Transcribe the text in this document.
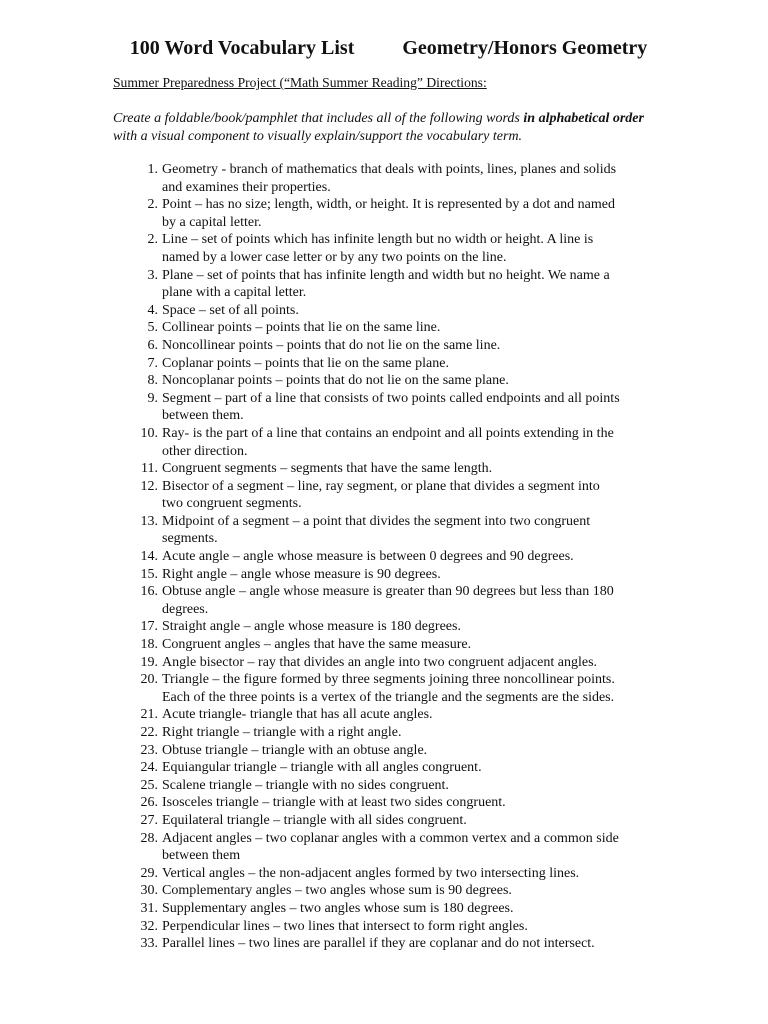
100 Word Vocabulary List Geometry/Honors Geometry
Summer Preparedness Project (“Math Summer Reading” Directions:
Create a foldable/book/pamphlet that includes all of the following words in alphabetical order with a visual component to visually explain/support the vocabulary term.
1.
Geometry - branch of mathematics that deals with points, lines, planes and solids
and examines their properties.
2.
Point – has no size; length, width, or height. It is represented by a dot and named
by a capital letter.
2.
Line – set of points which has infinite length but no width or height. A line is
named by a lower case letter or by any two points on the line.
3.
Plane – set of points that has infinite length and width but no height. We name a
plane with a capital letter.
4.
Space – set of all points.
5.
Collinear points – points that lie on the same line.
6.
Noncollinear points – points that do not lie on the same line.
7.
Coplanar points – points that lie on the same plane.
8.
Noncoplanar points – points that do not lie on the same plane.
9.
Segment – part of a line that consists of two points called endpoints and all points
between them.
10.
Ray- is the part of a line that contains an endpoint and all points extending in the
other direction.
11.
Congruent segments – segments that have the same length.
12.
Bisector of a segment – line, ray segment, or plane that divides a segment into
two congruent segments.
13.
Midpoint of a segment – a point that divides the segment into two congruent
segments.
14.
Acute angle – angle whose measure is between 0 degrees and 90 degrees.
15.
Right angle – angle whose measure is 90 degrees.
16.
Obtuse angle – angle whose measure is greater than 90 degrees but less than 180
degrees.
17.
Straight angle – angle whose measure is 180 degrees.
18.
Congruent angles – angles that have the same measure.
19.
Angle bisector – ray that divides an angle into two congruent adjacent angles.
20.
Triangle – the figure formed by three segments joining three noncollinear points.
Each of the three points is a vertex of the triangle and the segments are the sides.
21.
Acute triangle- triangle that has all acute angles.
22.
Right triangle – triangle with a right angle.
23.
Obtuse triangle – triangle with an obtuse angle.
24.
Equiangular triangle – triangle with all angles congruent.
25.
Scalene triangle – triangle with no sides congruent.
26.
Isosceles triangle – triangle with at least two sides congruent.
27.
Equilateral triangle – triangle with all sides congruent.
28.
Adjacent angles – two coplanar angles with a common vertex and a common side
between them
29.
Vertical angles – the non-adjacent angles formed by two intersecting lines.
30.
Complementary angles – two angles whose sum is 90 degrees.
31.
Supplementary angles – two angles whose sum is 180 degrees.
32.
Perpendicular lines – two lines that intersect to form right angles.
33.
Parallel lines – two lines are parallel if they are coplanar and do not intersect.
